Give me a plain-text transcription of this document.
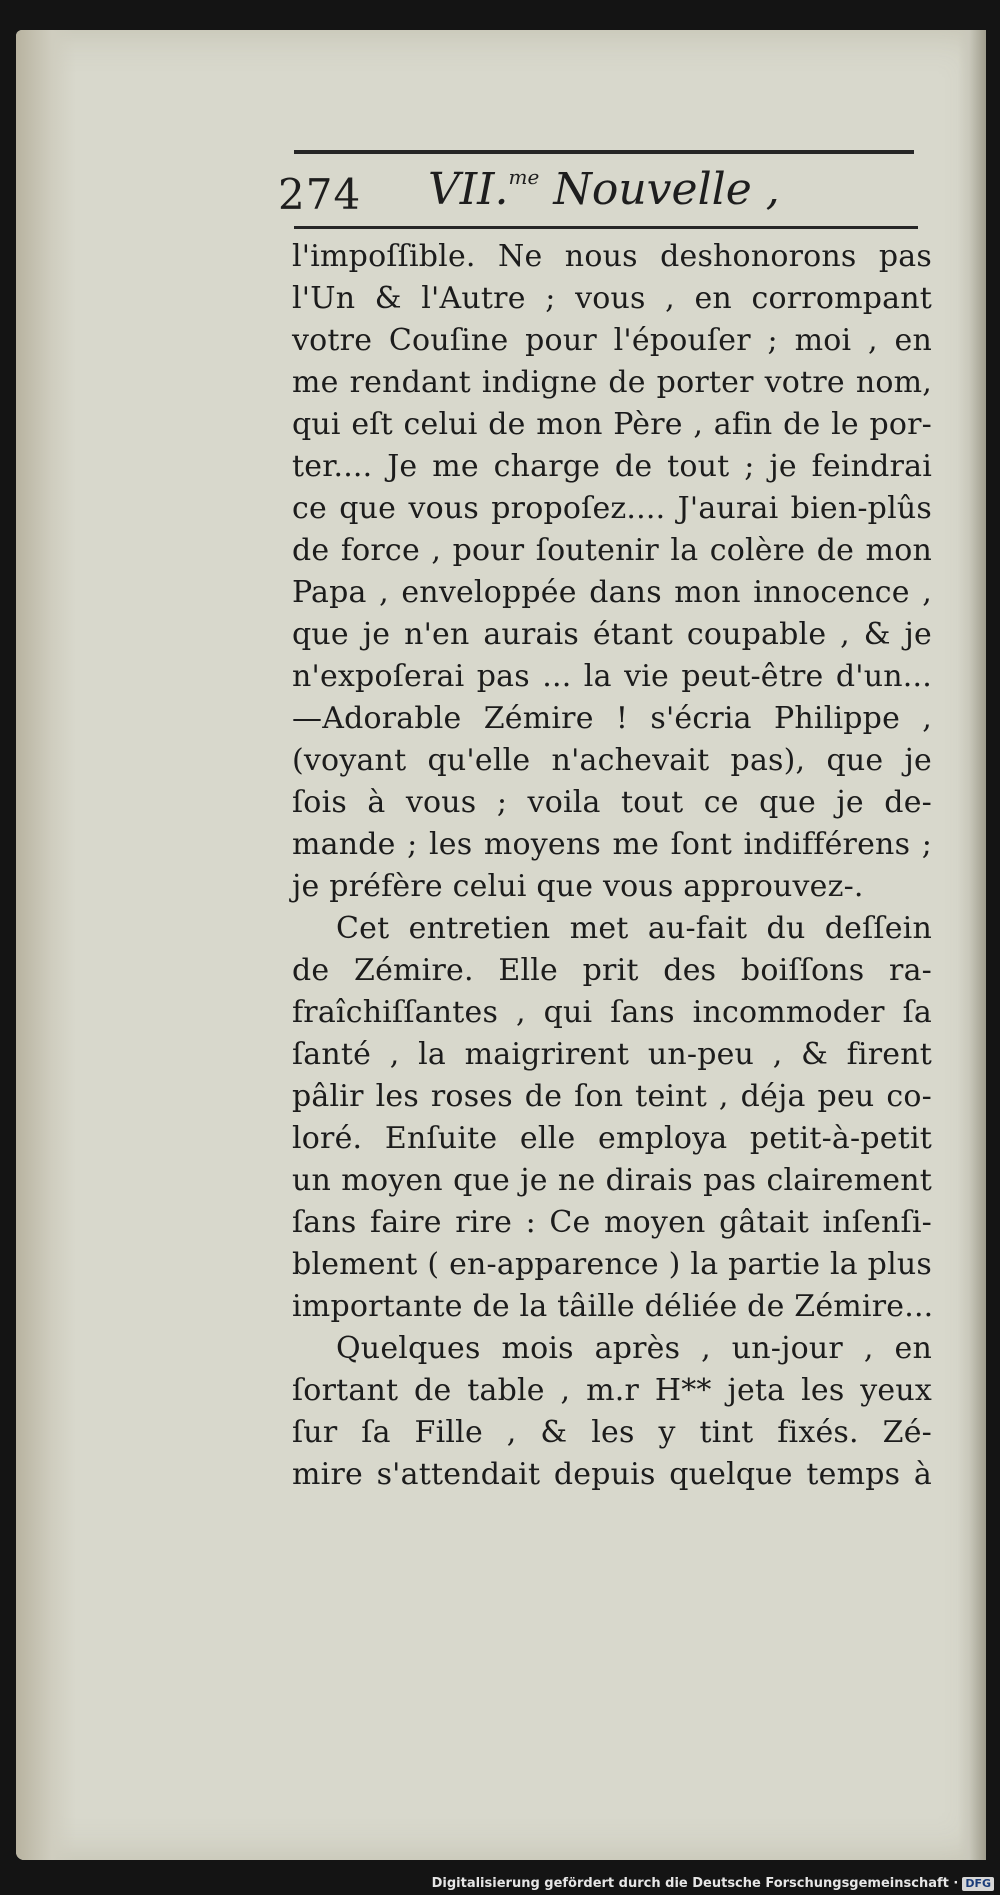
274 VII.$^{me}$ Nouvelle ,
l'impoſſible. Ne nous deshonorons pas
l'Un & l'Autre ; vous , en corrompant
votre Couſine pour l'épouſer ; moi , en
me rendant indigne de porter votre nom,
qui eſt celui de mon Père , afin de le por-
ter.... Je me charge de tout ; je feindrai
ce que vous propoſez.... J'aurai bien-plûs
de force , pour ſoutenir la colère de mon
Papa , enveloppée dans mon innocence ,
que je n'en aurais étant coupable , & je
n'expoſerai pas ... la vie peut-être d'un...
—Adorable Zémire ! s'écria Philippe ,
(voyant qu'elle n'achevait pas), que je
ſois à vous ; voila tout ce que je de-
mande ; les moyens me ſont indifférens ;
je préfère celui que vous approuvez-.
Cet entretien met au-fait du deſſein
de Zémire. Elle prit des boiſſons ra-
fraîchiſſantes , qui ſans incommoder ſa
ſanté , la maigrirent un-peu , & firent
pâlir les roses de ſon teint , déja peu co-
loré. Enſuite elle employa petit-à-petit
un moyen que je ne dirais pas clairement
ſans faire rire : Ce moyen gâtait inſenſi-
blement ( en-apparence ) la partie la plus
importante de la tâille déliée de Zémire...
Quelques mois après , un-jour , en
ſortant de table , m.r H** jeta les yeux
ſur ſa Fille , & les y tint fixés. Zé-
mire s'attendait depuis quelque temps à
Digitalisierung gefördert durch die Deutsche Forschungsgemeinschaft · DFG
